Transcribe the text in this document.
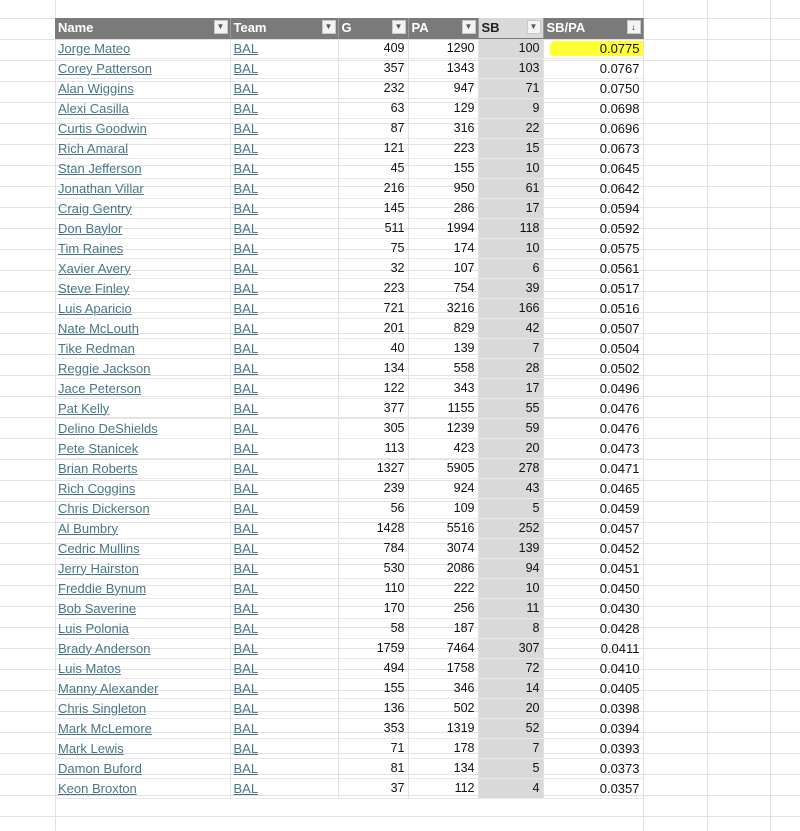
Name ▼	Team ▼	G ▼	PA ▼	SB ▼	SB/PA ↓

Jorge Mateo	BAL	409	1290	100	0.0775
Corey Patterson	BAL	357	1343	103	0.0767
Alan Wiggins	BAL	232	947	71	0.0750
Alexi Casilla	BAL	63	129	9	0.0698
Curtis Goodwin	BAL	87	316	22	0.0696
Rich Amaral	BAL	121	223	15	0.0673
Stan Jefferson	BAL	45	155	10	0.0645
Jonathan Villar	BAL	216	950	61	0.0642
Craig Gentry	BAL	145	286	17	0.0594
Don Baylor	BAL	511	1994	118	0.0592
Tim Raines	BAL	75	174	10	0.0575
Xavier Avery	BAL	32	107	6	0.0561
Steve Finley	BAL	223	754	39	0.0517
Luis Aparicio	BAL	721	3216	166	0.0516
Nate McLouth	BAL	201	829	42	0.0507
Tike Redman	BAL	40	139	7	0.0504
Reggie Jackson	BAL	134	558	28	0.0502
Jace Peterson	BAL	122	343	17	0.0496
Pat Kelly	BAL	377	1155	55	0.0476
Delino DeShields	BAL	305	1239	59	0.0476
Pete Stanicek	BAL	113	423	20	0.0473
Brian Roberts	BAL	1327	5905	278	0.0471
Rich Coggins	BAL	239	924	43	0.0465
Chris Dickerson	BAL	56	109	5	0.0459
Al Bumbry	BAL	1428	5516	252	0.0457
Cedric Mullins	BAL	784	3074	139	0.0452
Jerry Hairston	BAL	530	2086	94	0.0451
Freddie Bynum	BAL	110	222	10	0.0450
Bob Saverine	BAL	170	256	11	0.0430
Luis Polonia	BAL	58	187	8	0.0428
Brady Anderson	BAL	1759	7464	307	0.0411
Luis Matos	BAL	494	1758	72	0.0410
Manny Alexander	BAL	155	346	14	0.0405
Chris Singleton	BAL	136	502	20	0.0398
Mark McLemore	BAL	353	1319	52	0.0394
Mark Lewis	BAL	71	178	7	0.0393
Damon Buford	BAL	81	134	5	0.0373
Keon Broxton	BAL	37	112	4	0.0357
